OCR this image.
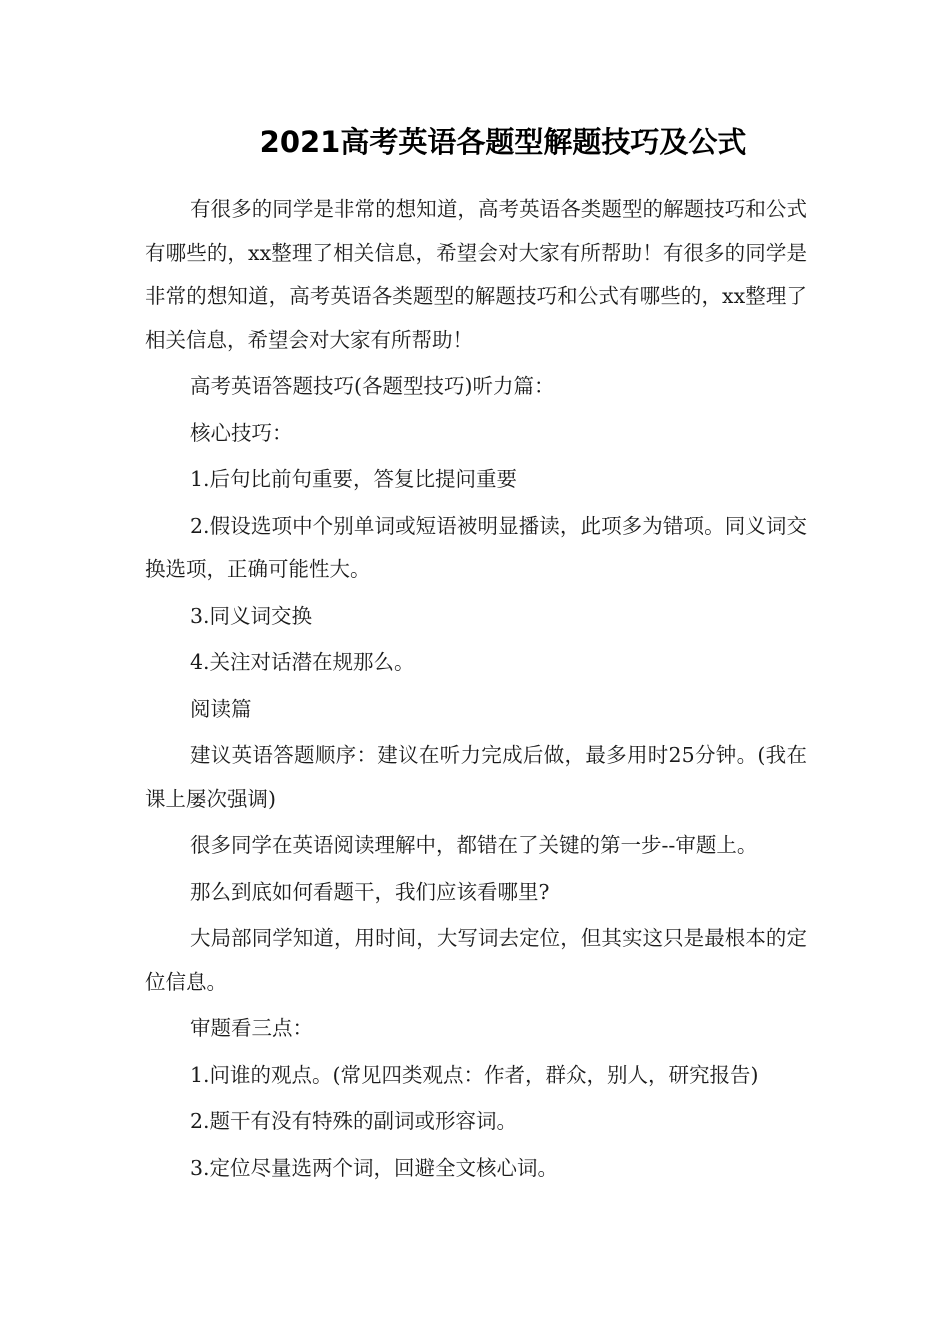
2021高考英语各题型解题技巧及公式

有很多的同学是非常的想知道，高考英语各类题型的解题技巧和公式有哪些的，xx整理了相关信息，希望会对大家有所帮助！有很多的同学是非常的想知道，高考英语各类题型的解题技巧和公式有哪些的，xx整理了相关信息，希望会对大家有所帮助！

高考英语答题技巧(各题型技巧)听力篇：

核心技巧：

1.后句比前句重要，答复比提问重要

2.假设选项中个别单词或短语被明显播读，此项多为错项。同义词交换选项，正确可能性大。

3.同义词交换

4.关注对话潜在规那么。

阅读篇

建议英语答题顺序：建议在听力完成后做，最多用时25分钟。(我在课上屡次强调)

很多同学在英语阅读理解中，都错在了关键的第一步--审题上。

那么到底如何看题干，我们应该看哪里?

大局部同学知道，用时间，大写词去定位，但其实这只是最根本的定位信息。

审题看三点：

1.问谁的观点。(常见四类观点：作者，群众，别人，研究报告)

2.题干有没有特殊的副词或形容词。

3.定位尽量选两个词，回避全文核心词。
